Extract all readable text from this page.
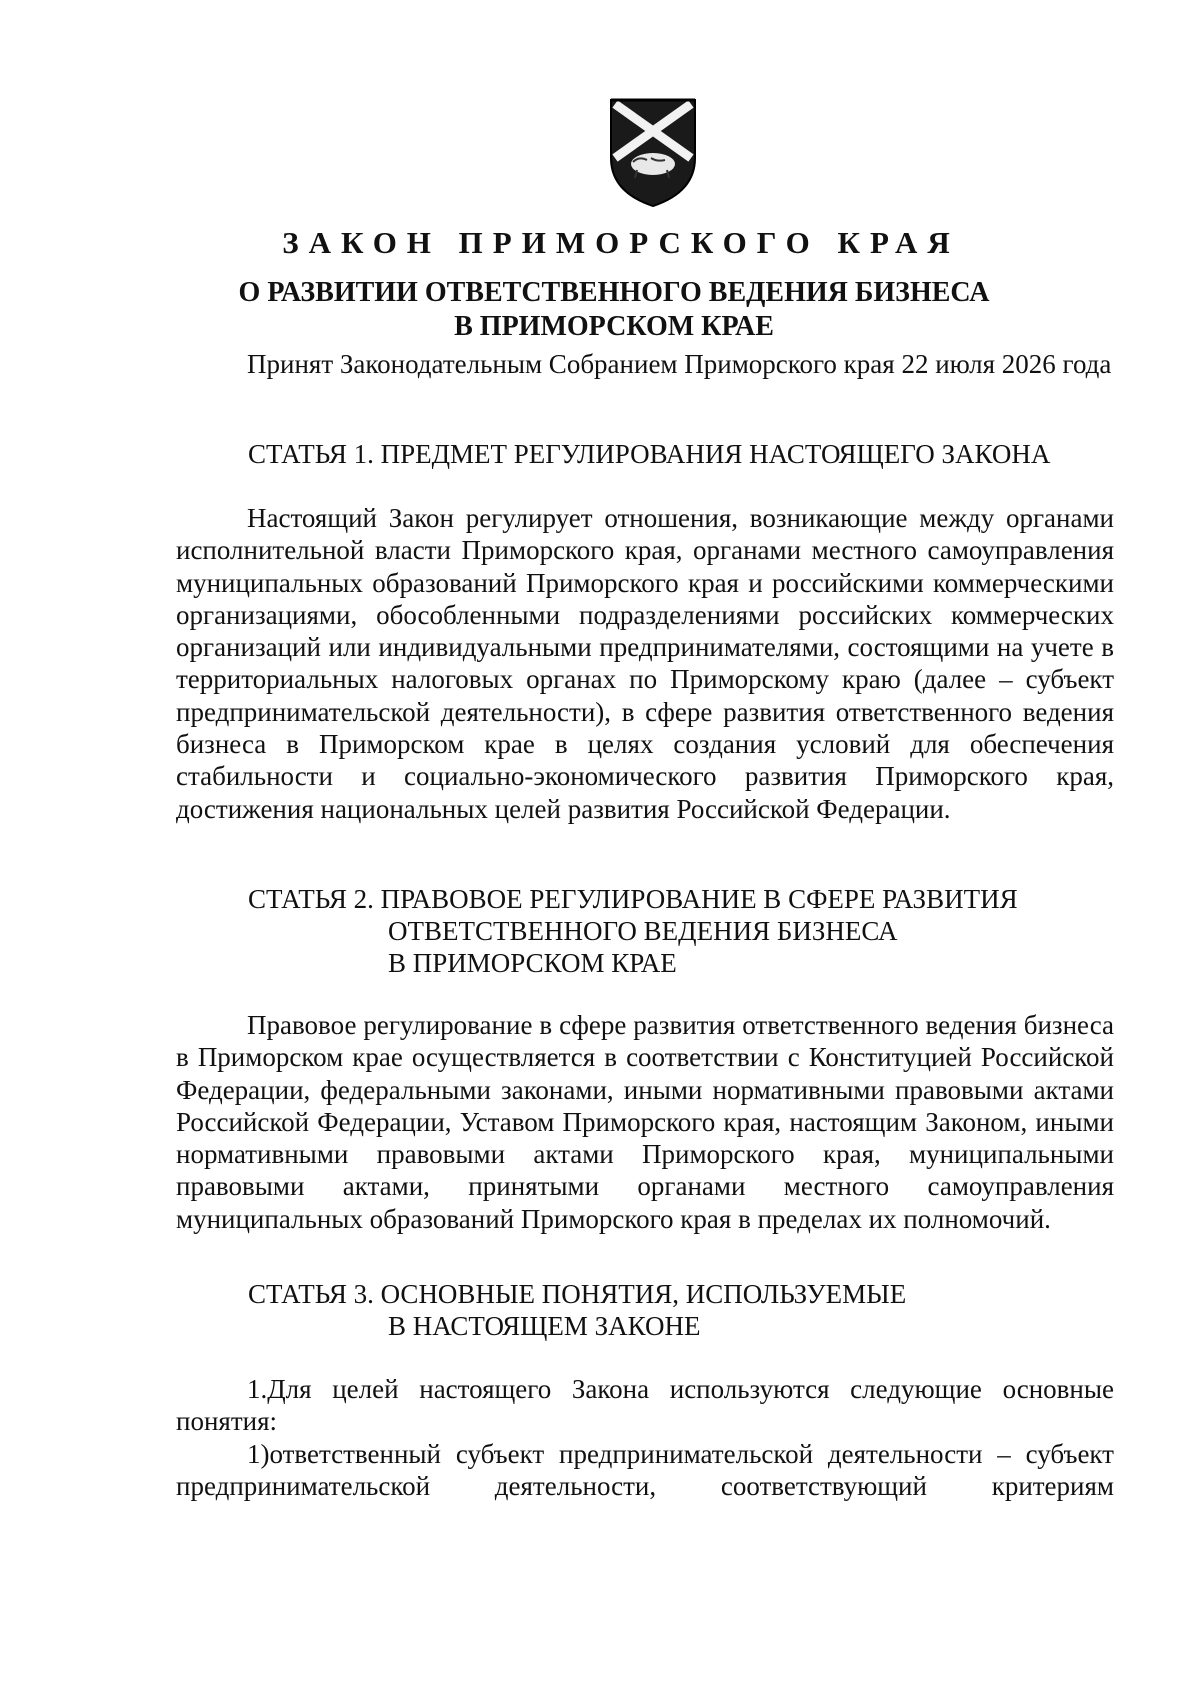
ЗАКОН ПРИМОРСКОГО КРАЯ
О РАЗВИТИИ ОТВЕТСТВЕННОГО ВЕДЕНИЯ БИЗНЕСА
В ПРИМОРСКОМ КРАЕ

Принят Законодательным Собранием Приморского края 22 июля 2026 года

СТАТЬЯ 1. ПРЕДМЕТ РЕГУЛИРОВАНИЯ НАСТОЯЩЕГО ЗАКОНА

Настоящий Закон регулирует отношения, возникающие между органами исполнительной власти Приморского края, органами местного самоуправления муниципальных образований Приморского края и российскими коммерческими организациями, обособленными подразделениями российских коммерческих организаций или индивидуальными предпринимателями, состоящими на учете в территориальных налоговых органах по Приморскому краю (далее – субъект предпринимательской деятельности), в сфере развития ответственного ведения бизнеса в Приморском крае в целях создания условий для обеспечения стабильности и социально-экономического развития Приморского края, достижения национальных целей развития Российской Федерации.

СТАТЬЯ 2. ПРАВОВОЕ РЕГУЛИРОВАНИЕ В СФЕРЕ РАЗВИТИЯ
ОТВЕТСТВЕННОГО ВЕДЕНИЯ БИЗНЕСА
В ПРИМОРСКОМ КРАЕ

Правовое регулирование в сфере развития ответственного ведения бизнеса в Приморском крае осуществляется в соответствии с Конституцией Российской Федерации, федеральными законами, иными нормативными правовыми актами Российской Федерации, Уставом Приморского края, настоящим Законом, иными нормативными правовыми актами Приморского края, муниципальными правовыми актами, принятыми органами местного самоуправления муниципальных образований Приморского края в пределах их полномочий.

СТАТЬЯ 3. ОСНОВНЫЕ ПОНЯТИЯ, ИСПОЛЬЗУЕМЫЕ
В НАСТОЯЩЕМ ЗАКОНЕ

1.Для целей настоящего Закона используются следующие основные понятия:

1)ответственный субъект предпринимательской деятельности – субъект предпринимательской деятельности, соответствующий критериям
